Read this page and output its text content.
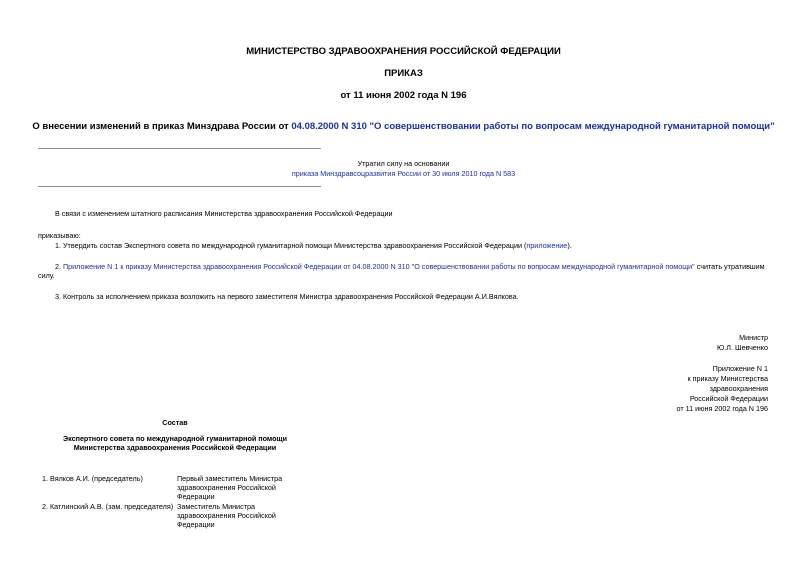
МИНИСТЕРСТВО ЗДРАВООХРАНЕНИЯ РОССИЙСКОЙ ФЕДЕРАЦИИ
ПРИКАЗ
от 11 июня 2002 года N 196
О внесении изменений в приказ Минздрава России от 04.08.2000 N 310 "О совершенствовании работы по вопросам международной гуманитарной помощи"
Утратил силу на основании
приказа Минздравсоцразвития России от 30 июля 2010 года N 583
В связи с изменением штатного расписания Министерства здравоохранения Российской Федерации
приказываю:
1. Утвердить состав Экспертного совета по международной гуманитарной помощи Министерства здравоохранения Российской Федерации (приложение).
2. Приложение N 1 к приказу Министерства здравоохранения Российской Федерации от 04.08.2000 N 310 "О совершенствовании работы по вопросам международной гуманитарной помощи" считать утратившим силу.
3. Контроль за исполнением приказа возложить на первого заместителя Министра здравоохранения Российской Федерации А.И.Вялкова.
Министр
Ю.Л. Шевченко
Приложение N 1
к приказу Министерства
здравоохранения
Российской Федерации
от 11 июня 2002 года N 196
Состав
Экспертного совета по международной гуманитарной помощи
Министерства здравоохранения Российской Федерации
1. Вялков А.И. (председатель)	Первый заместитель Министра
здравоохранения Российской
Федерации
2. Катлинский А.В. (зам. председателя) Заместитель Министра
здравоохранения Российской
Федерации
